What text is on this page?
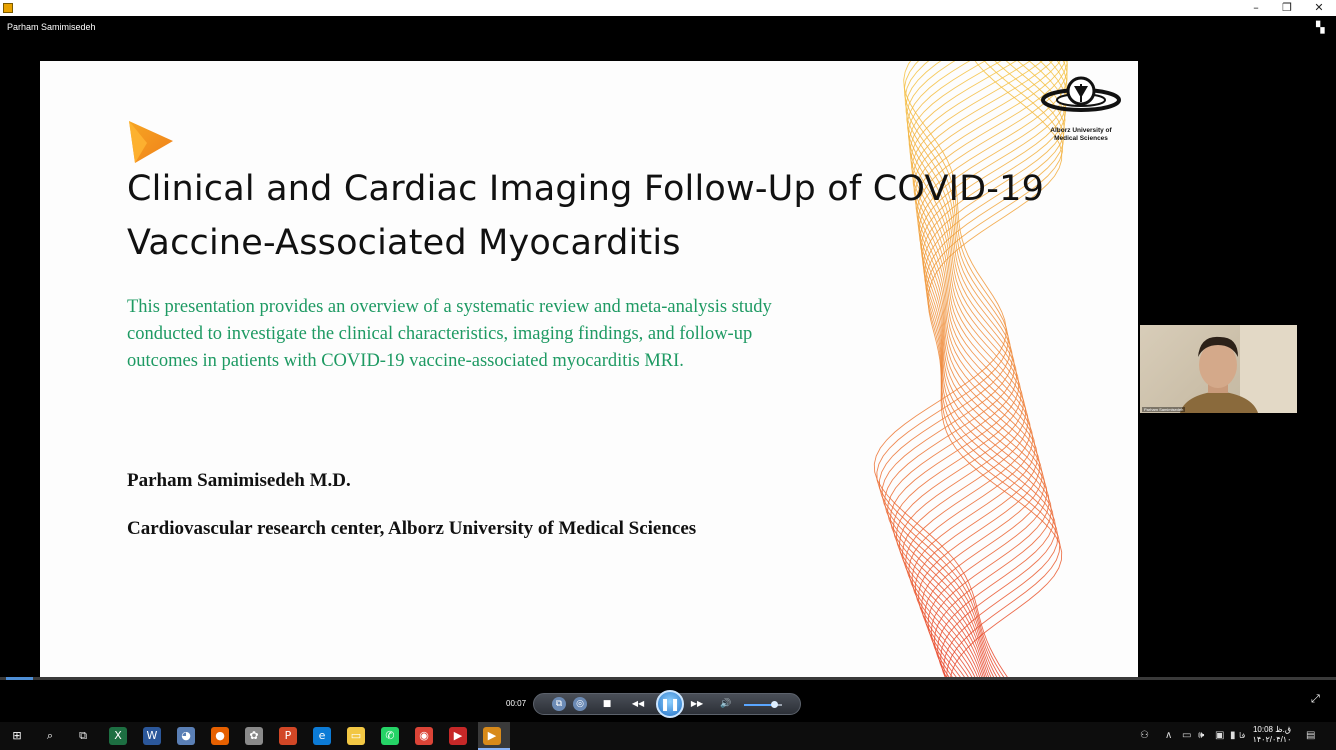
–	❐	✕
Parham Samimisedeh	▚
Alborz University of
Medical Sciences
Clinical and Cardiac Imaging Follow-Up of COVID-19 Vaccine-Associated Myocarditis
This presentation provides an overview of a systematic review and meta-analysis study conducted to investigate the clinical characteristics, imaging findings, and follow-up outcomes in patients with COVID-19 vaccine-associated myocarditis MRI.
Parham Samimisedeh M.D.
Cardiovascular research center, Alborz University of Medical Sciences
Parham Samimisedeh
00:07	⧉	◎	■	◀◀	❚❚	▶▶	🔊	⤢
⊞	⌕	⧉	X	W	◕	●	✿	P	e	▭	✆	◉	▶	▶	⚇ ∧ ▭ 🕪 ▣ ▮ فا
10:08 ق.ظ
۱۴۰۲/۰۴/۱۰ ▤
